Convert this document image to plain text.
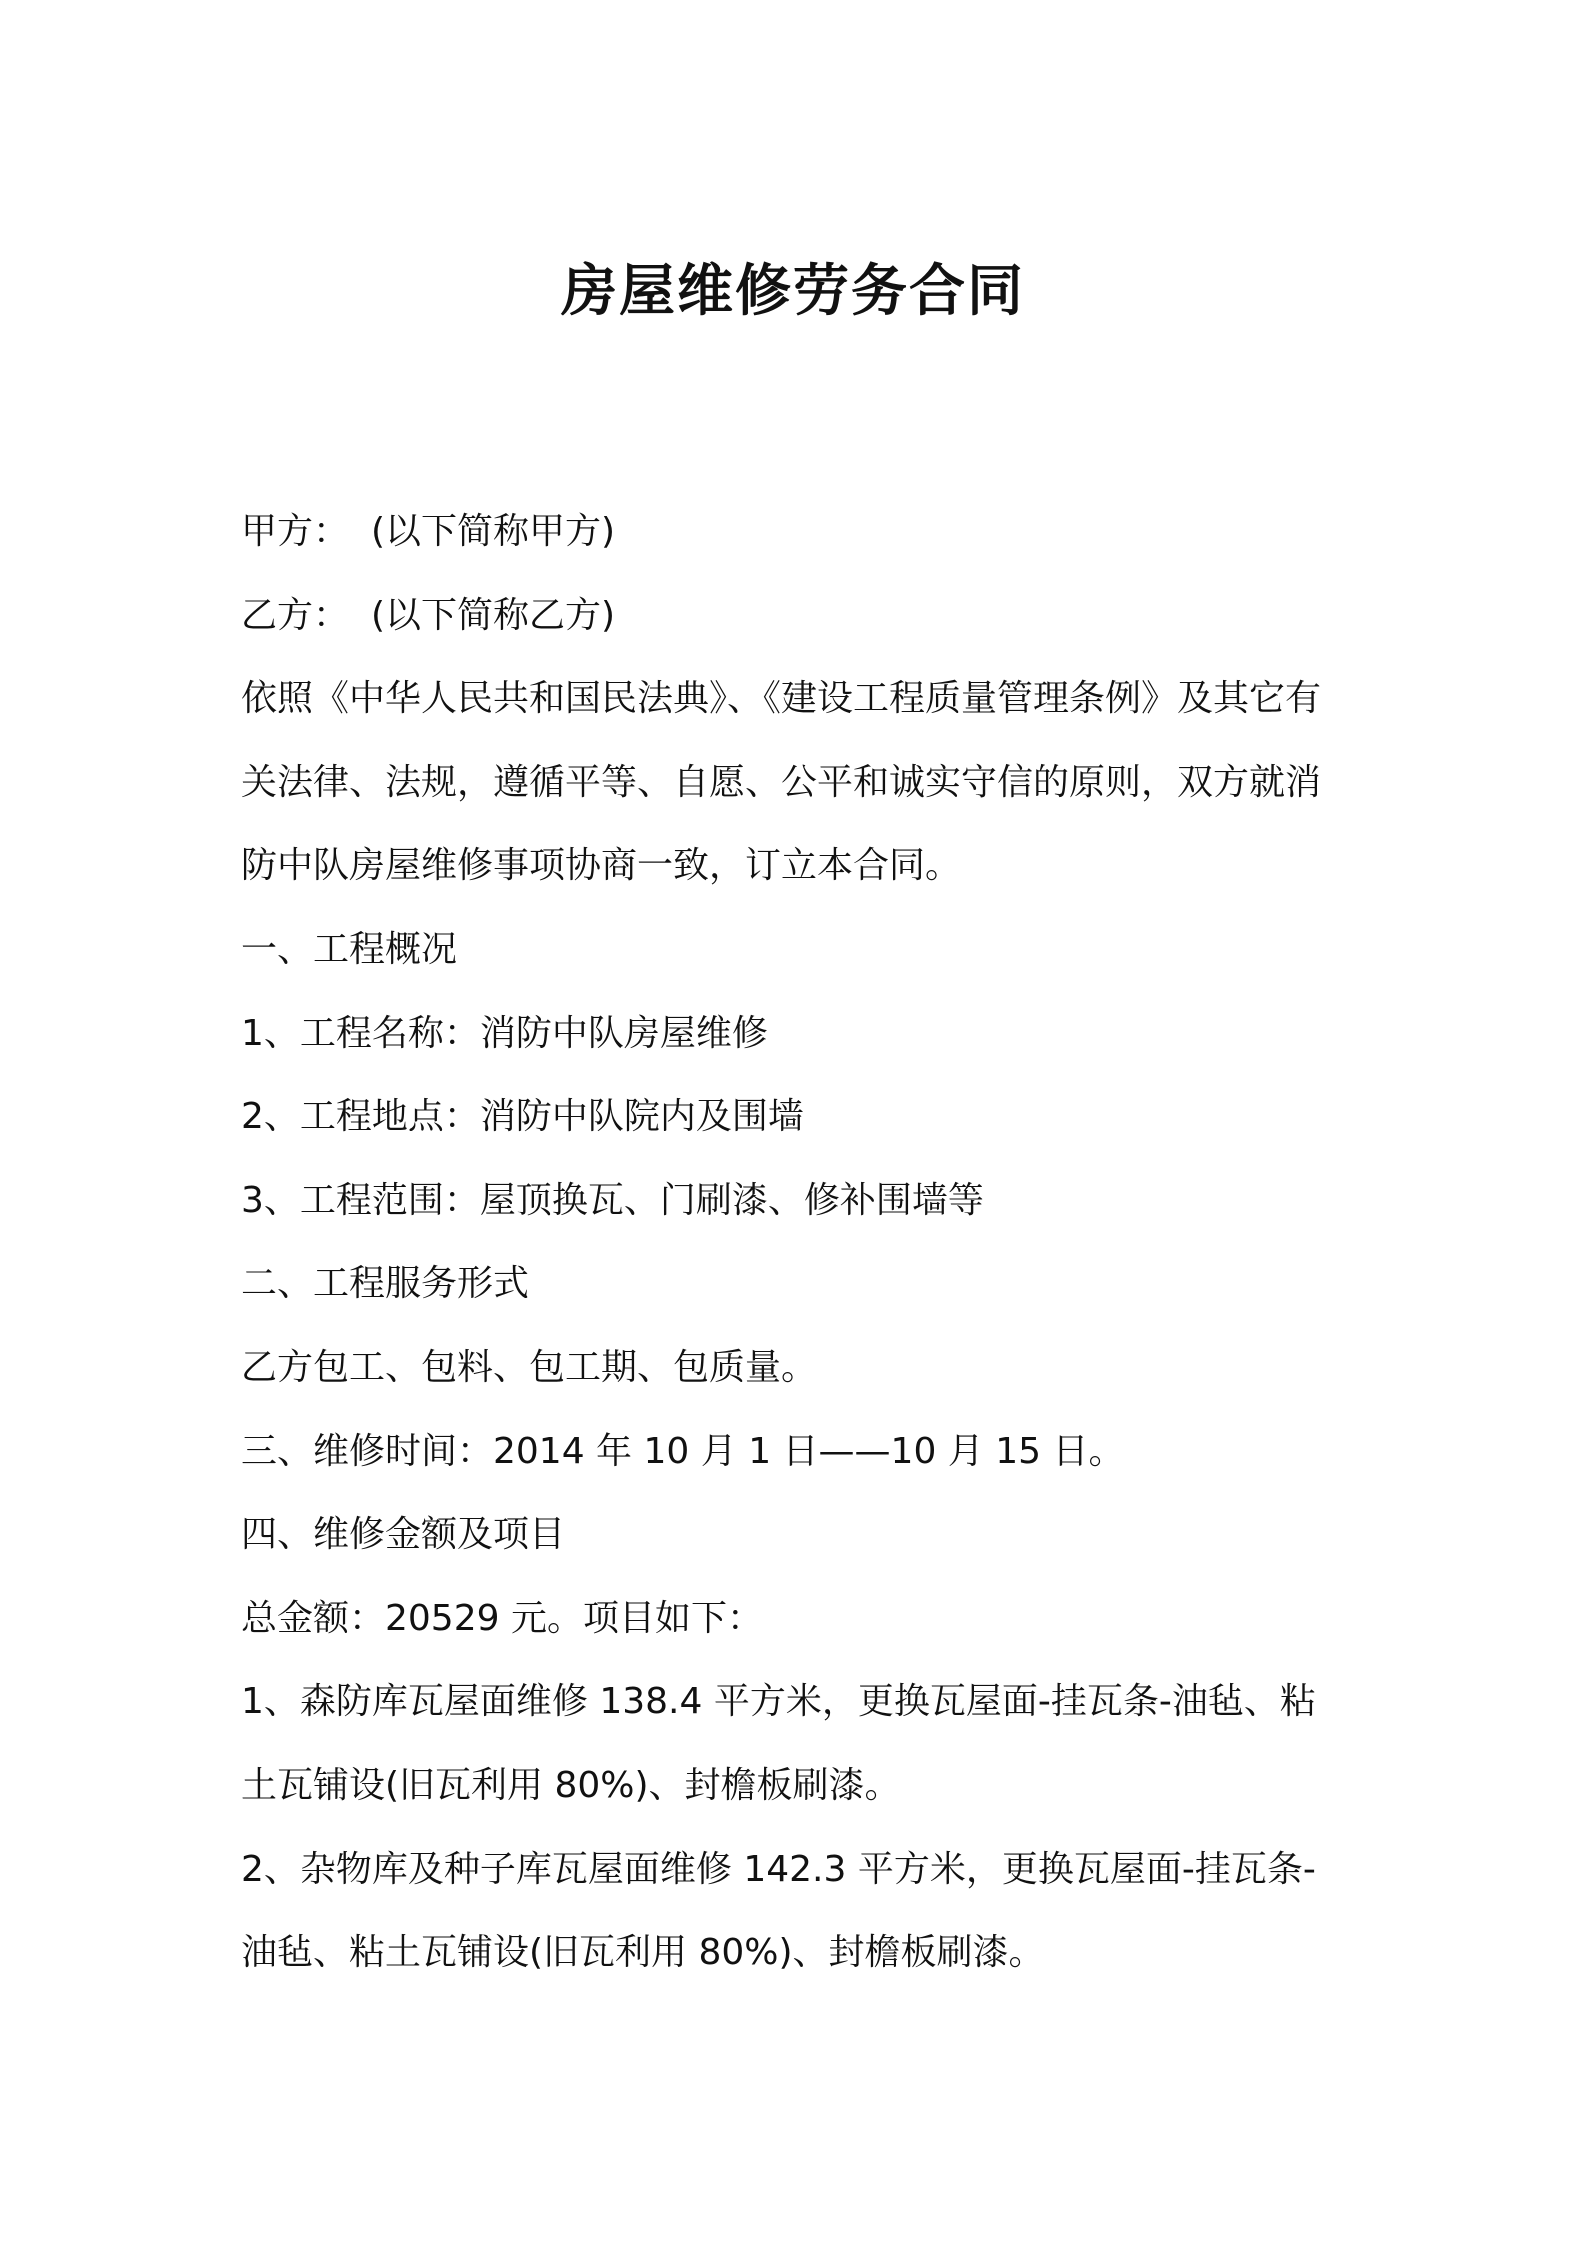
房屋维修劳务合同
甲方： (以下简称甲方)
乙方： (以下简称乙方)
依照《中华人民共和国民法典》、《建设工程质量管理条例》及其它有
关法律、法规，遵循平等、自愿、公平和诚实守信的原则，双方就消
防中队房屋维修事项协商一致，订立本合同。
一、工程概况
1、工程名称：消防中队房屋维修
2、工程地点：消防中队院内及围墙
3、工程范围：屋顶换瓦、门刷漆、修补围墙等
二、工程服务形式
乙方包工、包料、包工期、包质量。
三、维修时间：2014 年 10 月 1 日——10 月 15 日。
四、维修金额及项目
总金额：20529 元。项目如下：
1、森防库瓦屋面维修 138.4 平方米，更换瓦屋面-挂瓦条-油毡、粘
土瓦铺设(旧瓦利用 80%)、封檐板刷漆。
2、杂物库及种子库瓦屋面维修 142.3 平方米，更换瓦屋面-挂瓦条-
油毡、粘土瓦铺设(旧瓦利用 80%)、封檐板刷漆。
